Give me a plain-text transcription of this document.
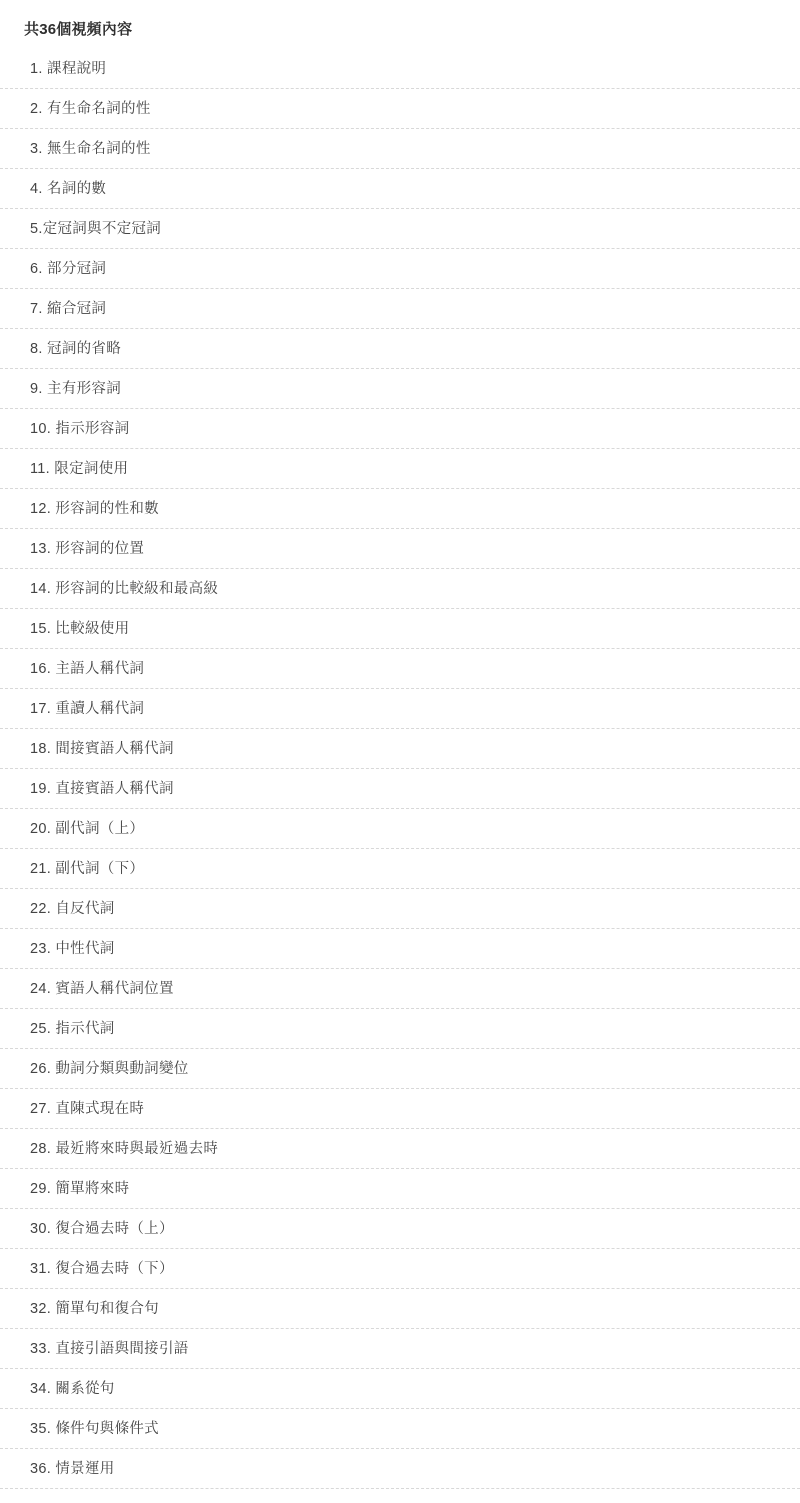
共36個視頻內容
1. 課程說明
2. 有生命名詞的性
3. 無生命名詞的性
4. 名詞的數
5.定冠詞與不定冠詞
6. 部分冠詞
7. 縮合冠詞
8. 冠詞的省略
9. 主有形容詞
10. 指示形容詞
11. 限定詞使用
12. 形容詞的性和數
13. 形容詞的位置
14. 形容詞的比較級和最高級
15. 比較級使用
16. 主語人稱代詞
17. 重讀人稱代詞
18. 間接賓語人稱代詞
19. 直接賓語人稱代詞
20. 副代詞（上）
21. 副代詞（下）
22. 自反代詞
23. 中性代詞
24. 賓語人稱代詞位置
25. 指示代詞
26. 動詞分類與動詞變位
27. 直陳式現在時
28. 最近將來時與最近過去時
29. 簡單將來時
30. 復合過去時（上）
31. 復合過去時（下）
32. 簡單句和復合句
33. 直接引語與間接引語
34. 關系從句
35. 條件句與條件式
36. 情景運用
